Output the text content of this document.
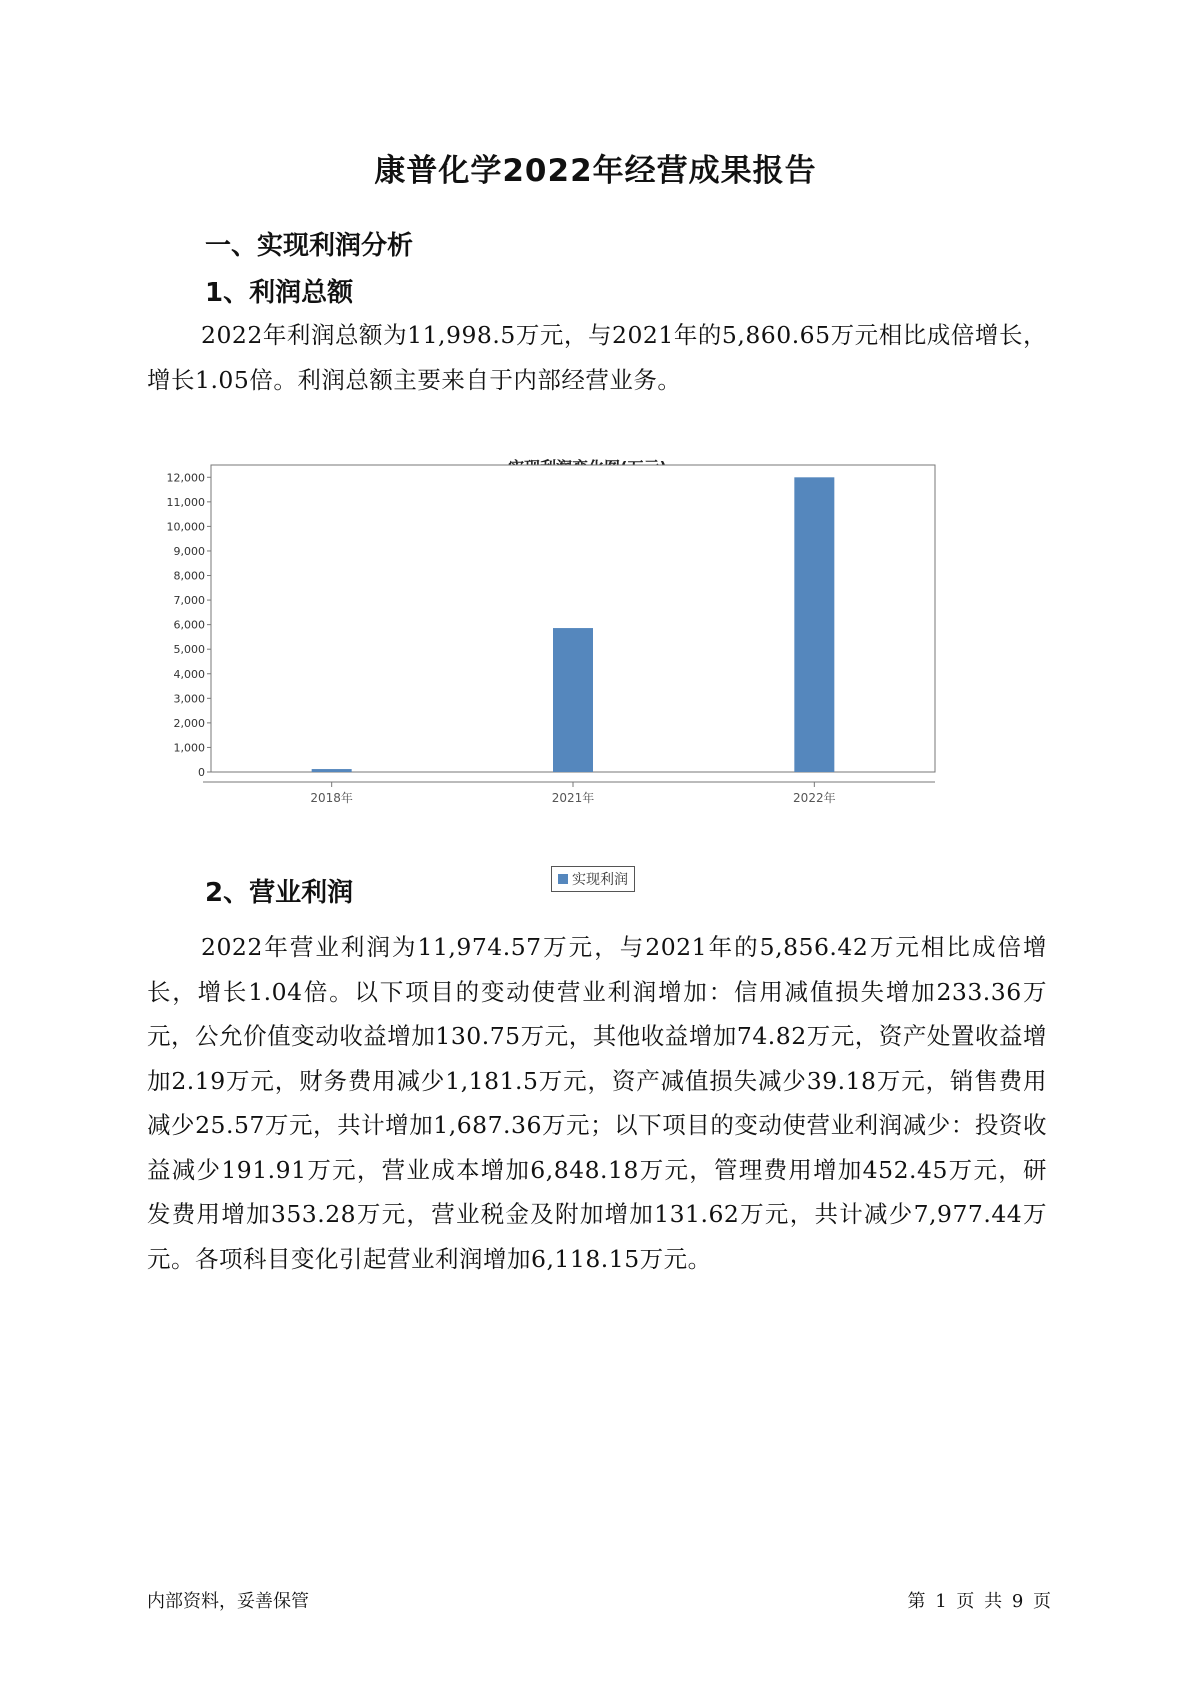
康普化学2022年经营成果报告
一、实现利润分析
1、利润总额
2022年利润总额为11,998.5万元，与2021年的5,860.65万元相比成倍增长，增长1.05倍。利润总额主要来自于内部经营业务。
0
1,000
2,000
3,000
4,000
5,000
6,000
7,000
8,000
9,000
10,000
11,000
12,000
2018年	2021年	2022年
实现利润
2、营业利润
2022年营业利润为11,974.57万元，与2021年的5,856.42万元相比成倍增长，增长1.04倍。以下项目的变动使营业利润增加：信用减值损失增加233.36万元，公允价值变动收益增加130.75万元，其他收益增加74.82万元，资产处置收益增加2.19万元，财务费用减少1,181.5万元，资产减值损失减少39.18万元，销售费用减少25.57万元，共计增加1,687.36万元；以下项目的变动使营业利润减少：投资收益减少191.91万元，营业成本增加6,848.18万元，管理费用增加452.45万元，研发费用增加353.28万元，营业税金及附加增加131.62万元，共计减少7,977.44万元。各项科目变化引起营业利润增加6,118.15万元。
内部资料，妥善保管	第 1 页 共 9 页
